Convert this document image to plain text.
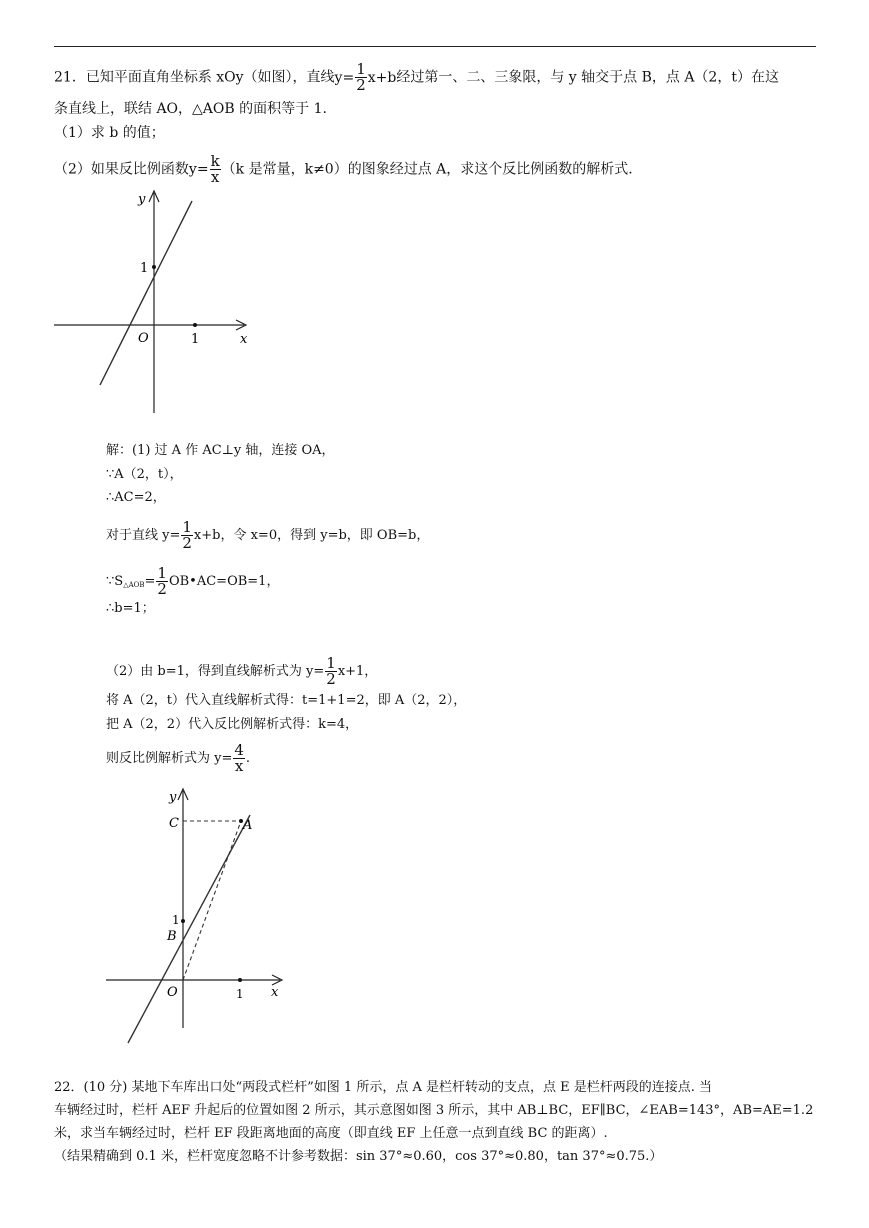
21．已知平面直角坐标系 xOy（如图），直线$y= \frac{1}{2} x+b$经过第一、二、三象限，与 y 轴交于点 B，点 A（2，t）在这
条直线上，联结 AO，△AOB 的面积等于 1.
（1）求 b 的值；
（2）如果反比例函数$y= \frac{k}{x} (k$ 是常量，k≠0）的图象经过点 A，求这个反比例函数的解析式.
y
x
O
1
1
解：(1) 过 A 作 AC⊥y 轴，连接 OA，
∵A（2，t），
∴AC=2，
对于直线 $y= \frac{1}{2} x+b$，令 x=0，得到 y=b，即 OB=b，
$\because S_{\triangle AOB}= \frac{1}{2}$ OB•AC=OB=1，
∴b=1；
（2）由 b=1，得到直线解析式为 $y= \frac{1}{2} x+1$，
将 A（2，t）代入直线解析式得：t=1+1=2，即 A（2，2），
把 A（2，2）代入反比例解析式得：k=4，
则反比例解析式为 $y= \frac{4}{x}$ .
y
x
O
C	A
B
1
1
22．(10 分) 某地下车库出口处“两段式栏杆”如图 1 所示，点 A 是栏杆转动的支点，点 E 是栏杆两段的连接点. 当
车辆经过时，栏杆 AEF 升起后的位置如图 2 所示，其示意图如图 3 所示，其中 AB⊥BC，EF∥BC，∠EAB=143°，AB=AE=1.2
米，求当车辆经过时，栏杆 EF 段距离地面的高度（即直线 EF 上任意一点到直线 BC 的距离）.
（结果精确到 0.1 米，栏杆宽度忽略不计参考数据：sin 37°≈0.60，cos 37°≈0.80，tan 37°≈0.75.）
